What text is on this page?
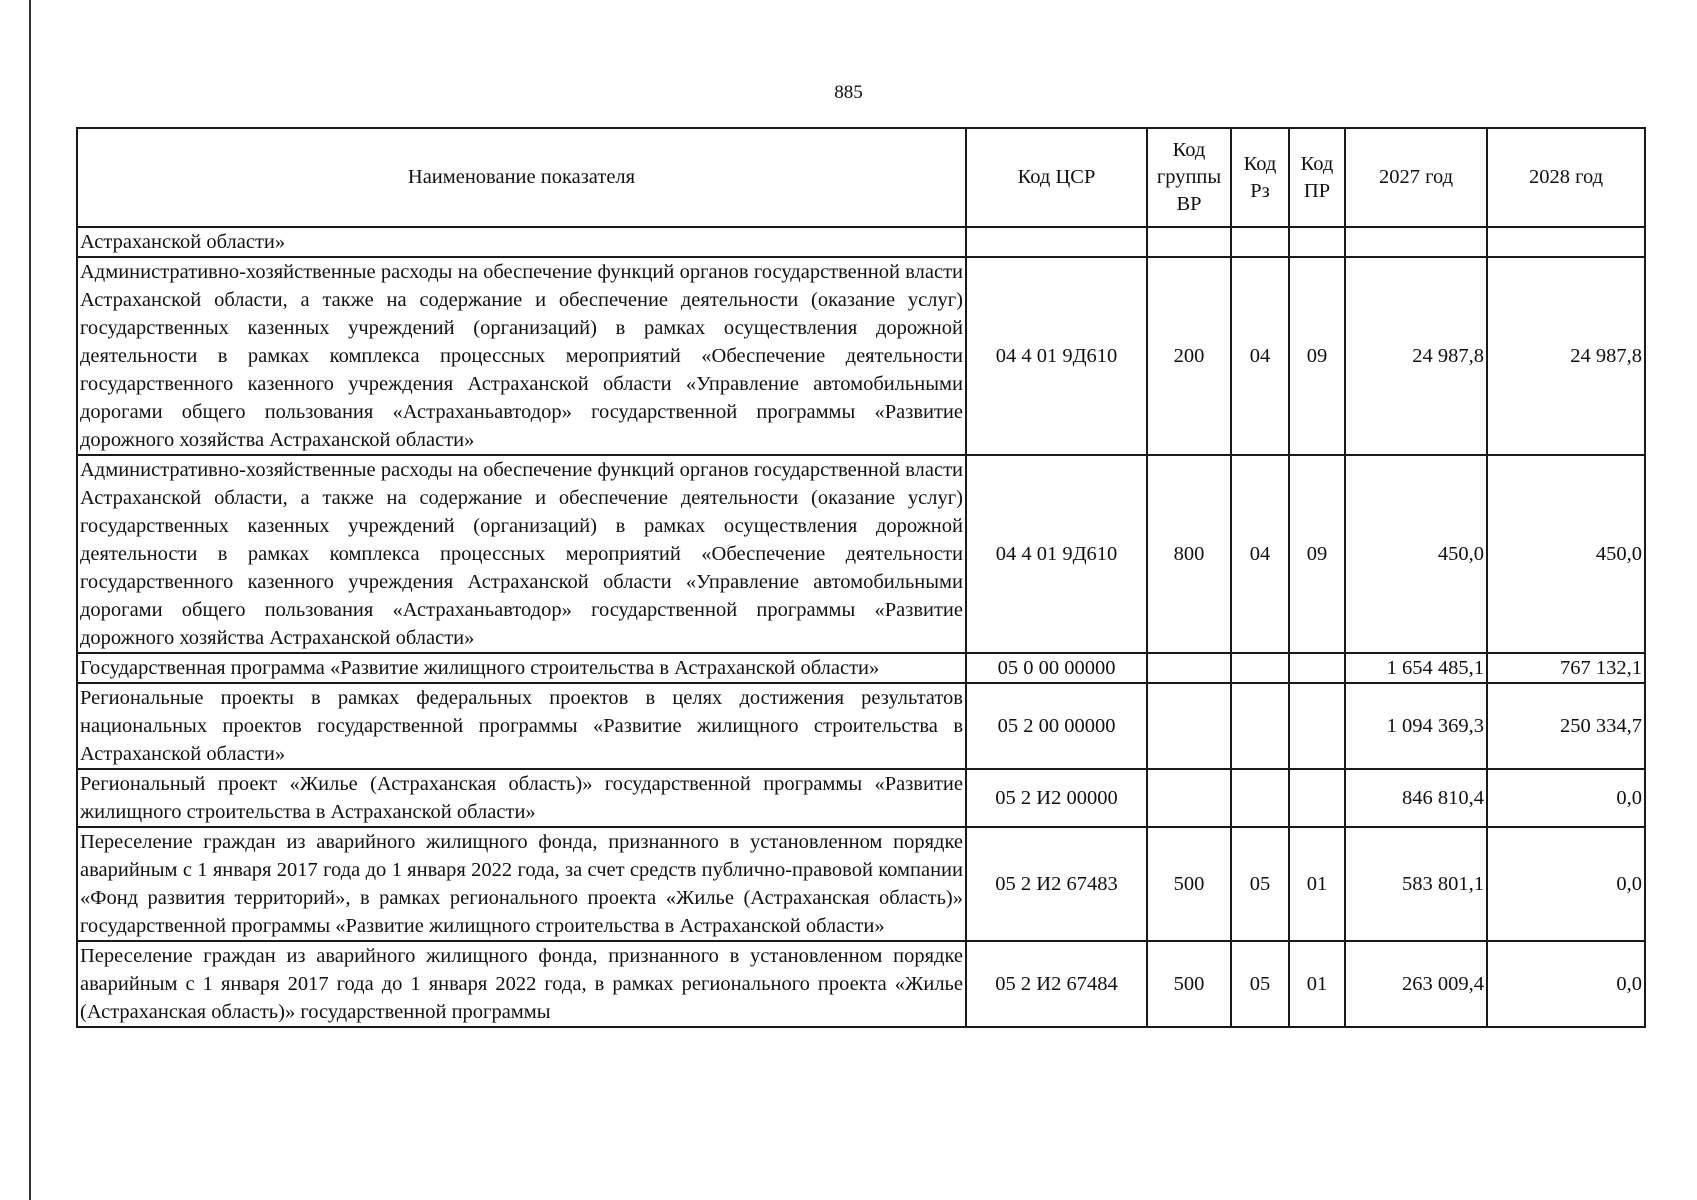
885
Наименование показателя	Код ЦСР	Код группы ВР	Код Рз	Код ПР	2027 год	2028 год
Астраханской области»						
Административно-хозяйственные расходы на обеспечение функций органов государственной власти Астраханской области, а также на содержание и обеспечение деятельности (оказание услуг) государственных казенных учреждений (организаций) в рамках осуществления дорожной деятельности в рамках комплекса процессных мероприятий «Обеспечение деятельности государственного казенного учреждения Астраханской области «Управление автомобильными дорогами общего пользования «Астраханьавтодор» государственной программы «Развитие дорожного хозяйства Астраханской области»	04 4 01 9Д610	200	04	09	24 987,8	24 987,8
Административно-хозяйственные расходы на обеспечение функций органов государственной власти Астраханской области, а также на содержание и обеспечение деятельности (оказание услуг) государственных казенных учреждений (организаций) в рамках осуществления дорожной деятельности в рамках комплекса процессных мероприятий «Обеспечение деятельности государственного казенного учреждения Астраханской области «Управление автомобильными дорогами общего пользования «Астраханьавтодор» государственной программы «Развитие дорожного хозяйства Астраханской области»	04 4 01 9Д610	800	04	09	450,0	450,0
Государственная программа «Развитие жилищного строительства в Астраханской области»	05 0 00 00000				1 654 485,1	767 132,1
Региональные проекты в рамках федеральных проектов в целях достижения результатов национальных проектов государственной программы «Развитие жилищного строительства в Астраханской области»	05 2 00 00000				1 094 369,3	250 334,7
Региональный проект «Жилье (Астраханская область)» государственной программы «Развитие жилищного строительства в Астраханской области»	05 2 И2 00000				846 810,4	0,0
Переселение граждан из аварийного жилищного фонда, признанного в установленном порядке аварийным с 1 января 2017 года до 1 января 2022 года, за счет средств публично-правовой компании «Фонд развития территорий», в рамках регионального проекта «Жилье (Астраханская область)» государственной программы «Развитие жилищного строительства в Астраханской области»	05 2 И2 67483	500	05	01	583 801,1	0,0
Переселение граждан из аварийного жилищного фонда, признанного в установленном порядке аварийным с 1 января 2017 года до 1 января 2022 года, в рамках регионального проекта «Жилье (Астраханская область)» государственной программы	05 2 И2 67484	500	05	01	263 009,4	0,0
